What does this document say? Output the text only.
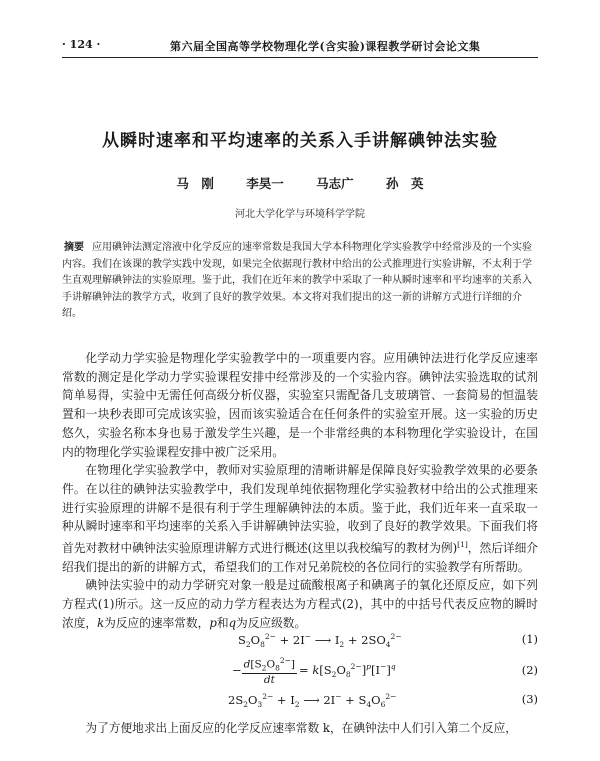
· 124 ·	第六届全国高等学校物理化学(含实验)课程教学研讨会论文集
从瞬时速率和平均速率的关系入手讲解碘钟法实验
马　刚	李昊一	马志广	孙　英
河北大学化学与环境科学学院
摘要 应用碘钟法测定溶液中化学反应的速率常数是我国大学本科物理化学实验教学中经常涉及的一个实验内容。我们在该课的教学实践中发现，如果完全依据现行教材中给出的公式推理进行实验讲解，不太利于学生直观理解碘钟法的实验原理。鉴于此，我们在近年来的教学中采取了一种从瞬时速率和平均速率的关系入手讲解碘钟法的教学方式，收到了良好的教学效果。本文将对我们提出的这一新的讲解方式进行详细的介绍。

化学动力学实验是物理化学实验教学中的一项重要内容。应用碘钟法进行化学反应速率常数的测定是化学动力学实验课程安排中经常涉及的一个实验内容。碘钟法实验选取的试剂简单易得，实验中无需任何高级分析仪器，实验室只需配备几支玻璃管、一套简易的恒温装置和一块秒表即可完成该实验，因而该实验适合在任何条件的实验室开展。这一实验的历史悠久，实验名称本身也易于激发学生兴趣，是一个非常经典的本科物理化学实验设计，在国内的物理化学实验课程安排中被广泛采用。

在物理化学实验教学中，教师对实验原理的清晰讲解是保障良好实验教学效果的必要条件。在以往的碘钟法实验教学中，我们发现单纯依据物理化学实验教材中给出的公式推理来进行实验原理的讲解不是很有利于学生理解碘钟法的本质。鉴于此，我们近年来一直采取一种从瞬时速率和平均速率的关系入手讲解碘钟法实验，收到了良好的教学效果。下面我们将首先对教材中碘钟法实验原理讲解方式进行概述(这里以我校编写的教材为例)[1]，然后详细介绍我们提出的新的讲解方式，希望我们的工作对兄弟院校的各位同行的实验教学有所帮助。

碘钟法实验中的动力学研究对象一般是过硫酸根离子和碘离子的氧化还原反应，如下列方程式(1)所示。这一反应的动力学方程表达为方程式(2)，其中的中括号代表反应物的瞬时浓度，k为反应的速率常数，p和q为反应级数。

$S_2O_8^{2-} + 2I^-$ ⟶ $I_2 + 2SO_4^{2-}$	(1)
− $\frac{d[S_2O_8^{2-}]}{dt} = k[S_2O_8^{2-}]^p[I^-]^q$	(2)
$2S_2O_3^{2-} + I_2$ ⟶ $2I^- + S_4O_6^{2-}$	(3)
为了方便地求出上面反应的化学反应速率常数 k，在碘钟法中人们引入第二个反应，
